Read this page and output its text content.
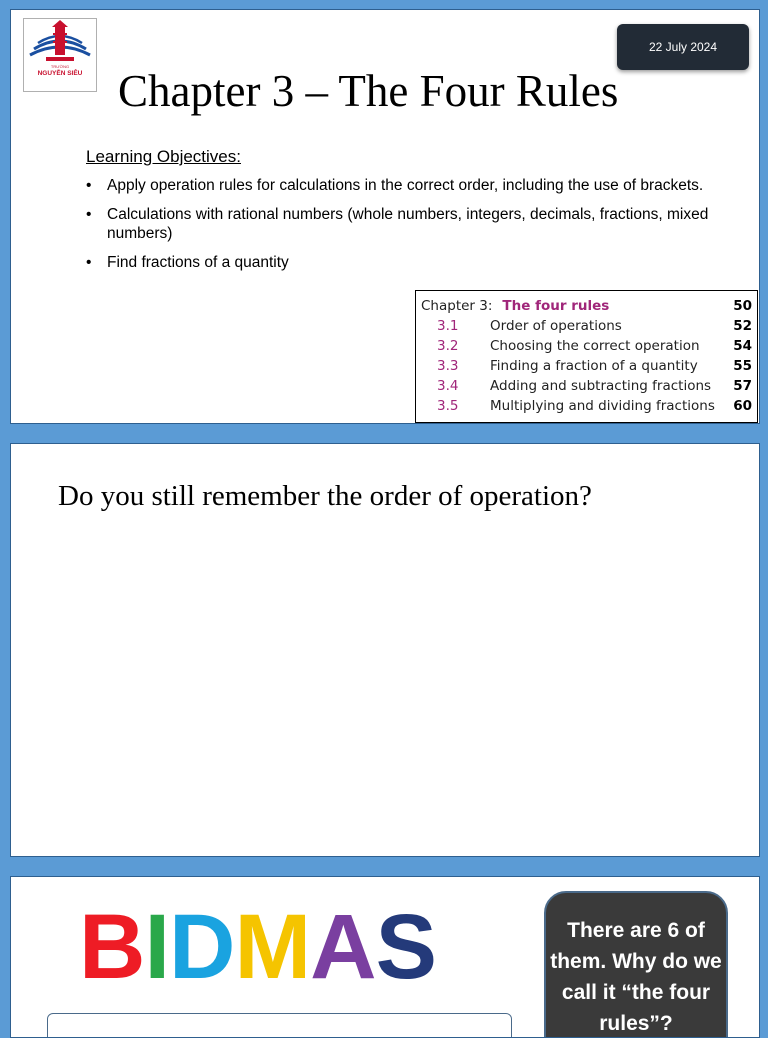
TRƯỜNG
NGUYỄN SIÊU
22 July 2024
Chapter 3 – The Four Rules
Learning Objectives:
• Apply operation rules for calculations in the correct order, including the use of brackets.
• Calculations with rational numbers (whole numbers, integers, decimals, fractions, mixed numbers)
• Find fractions of a quantity
Chapter 3: The four rules	50
3.1	Order of operations	52
3.2	Choosing the correct operation 54
3.3	Finding a fraction of a quantity	55
3.4	Adding and subtracting fractions 57
3.5	Multiplying and dividing fractions 60
Do you still remember the order of operation?
BIDMAS	There are 6 of them. Why do we call it “the four rules”?
